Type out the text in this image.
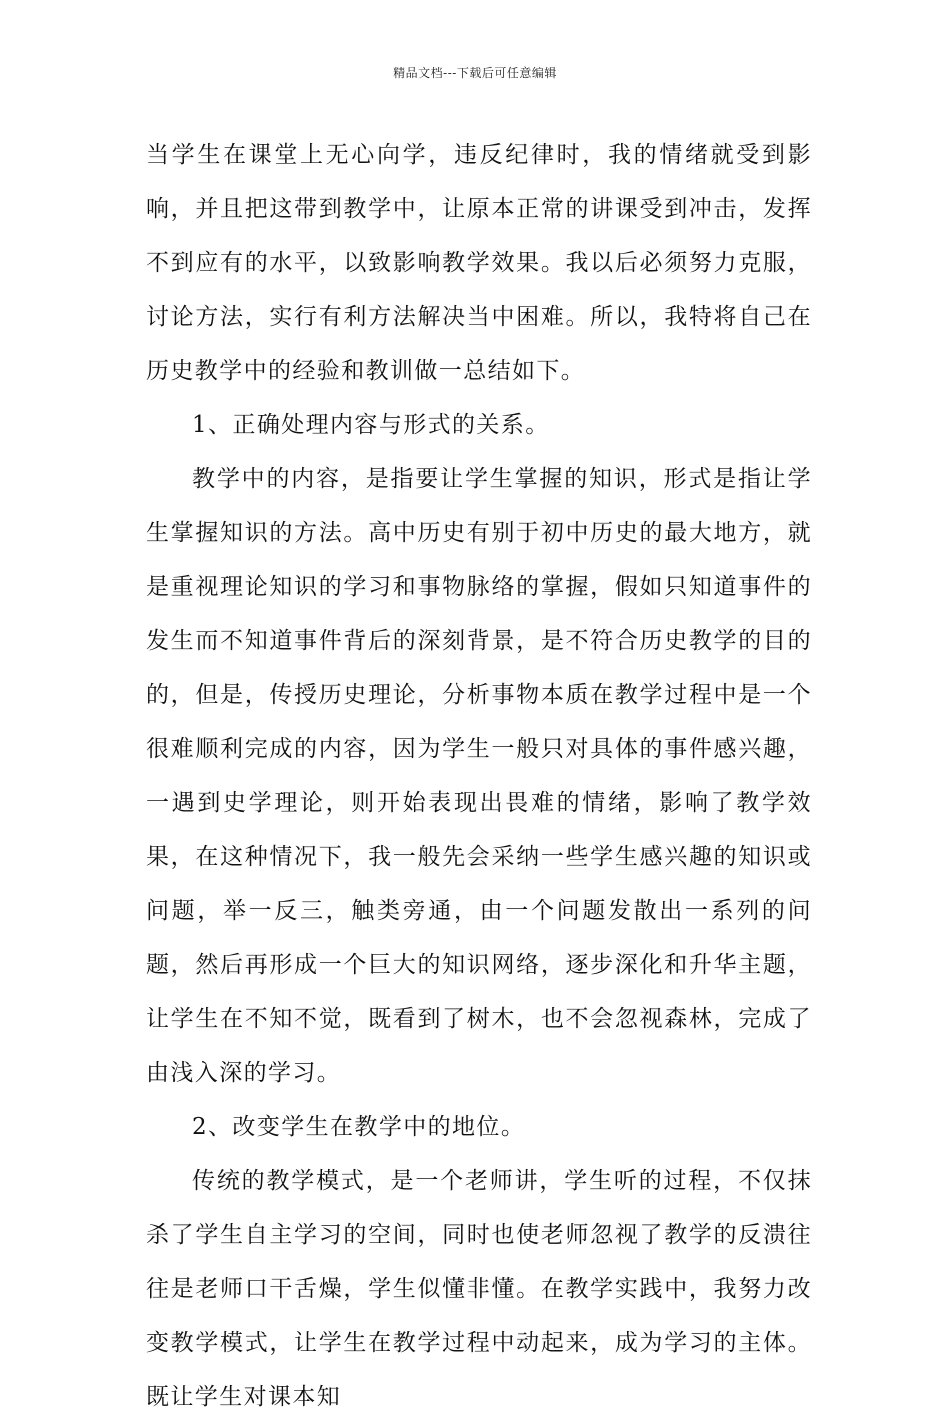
精品文档---下载后可任意编辑

当学生在课堂上无心向学，违反纪律时，我的情绪就受到影响，并且把这带到教学中，让原本正常的讲课受到冲击，发挥不到应有的水平，以致影响教学效果。我以后必须努力克服，讨论方法，实行有利方法解决当中困难。所以，我特将自己在历史教学中的经验和教训做一总结如下。

1、正确处理内容与形式的关系。

教学中的内容，是指要让学生掌握的知识，形式是指让学生掌握知识的方法。高中历史有别于初中历史的最大地方，就是重视理论知识的学习和事物脉络的掌握，假如只知道事件的发生而不知道事件背后的深刻背景，是不符合历史教学的目的的，但是，传授历史理论，分析事物本质在教学过程中是一个很难顺利完成的内容，因为学生一般只对具体的事件感兴趣，一遇到史学理论，则开始表现出畏难的情绪，影响了教学效果，在这种情况下，我一般先会采纳一些学生感兴趣的知识或问题，举一反三，触类旁通，由一个问题发散出一系列的问题，然后再形成一个巨大的知识网络，逐步深化和升华主题，让学生在不知不觉，既看到了树木，也不会忽视森林，完成了由浅入深的学习。

2、改变学生在教学中的地位。

传统的教学模式，是一个老师讲，学生听的过程，不仅抹杀了学生自主学习的空间，同时也使老师忽视了教学的反溃往往是老师口干舌燥，学生似懂非懂。在教学实践中，我努力改变教学模式，让学生在教学过程中动起来，成为学习的主体。既让学生对课本知
